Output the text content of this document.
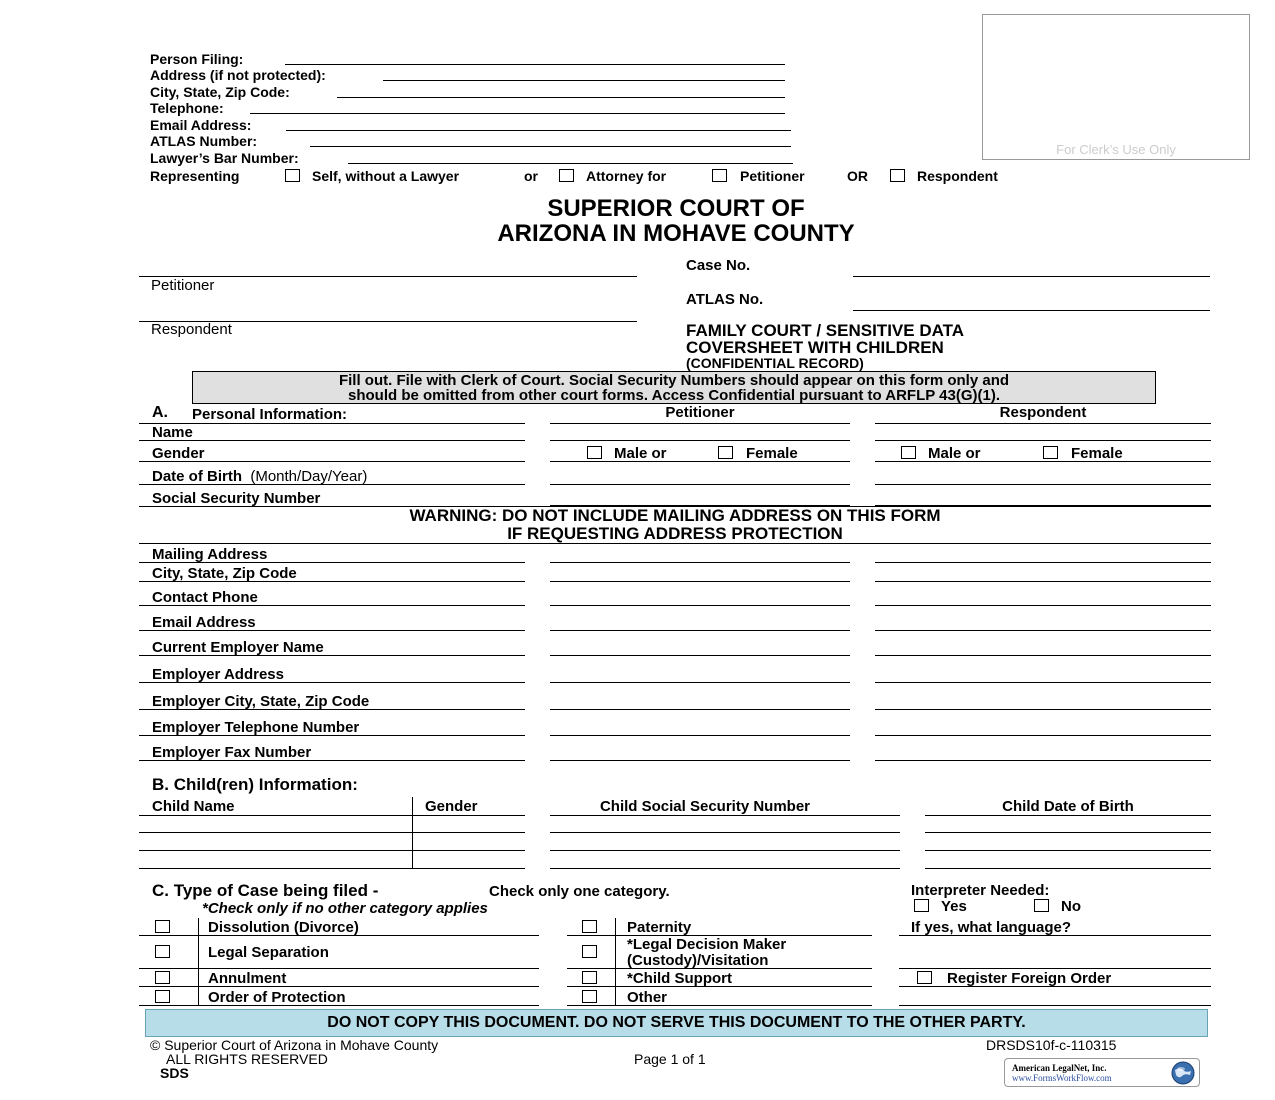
Person Filing:
Address (if not protected):
City, State, Zip Code:
Telephone:
Email Address:
ATLAS Number:
Lawyer’s Bar Number:
Representing	Self, without a Lawyer	or	Attorney for	Petitioner	OR	Respondent
For Clerk’s Use Only
SUPERIOR COURT OF
ARIZONA IN MOHAVE COUNTY
Petitioner
Respondent
Case No.
ATLAS No.
FAMILY COURT / SENSITIVE DATA
COVERSHEET WITH CHILDREN
(CONFIDENTIAL RECORD)
Fill out. File with Clerk of Court. Social Security Numbers should appear on this form only and
should be omitted from other court forms. Access Confidential pursuant to ARFLP 43(G)(1).
A. Personal Information:	Petitioner	Respondent
Name
Gender	Male or	Female	Male or	Female
Date of Birth (Month/Day/Year)
Social Security Number
WARNING: DO NOT INCLUDE MAILING ADDRESS ON THIS FORM
IF REQUESTING ADDRESS PROTECTION
Mailing Address
City, State, Zip Code
Contact Phone
Email Address
Current Employer Name
Employer Address
Employer City, State, Zip Code
Employer Telephone Number
Employer Fax Number
B. Child(ren) Information:
Child Name	Gender	Child Social Security Number	Child Date of Birth
C. Type of Case being filed -	Check only one category.
*Check only if no other category applies
Dissolution (Divorce)
Legal Separation
Annulment
Order of Protection
Paternity
*Legal Decision Maker
(Custody)/Visitation
*Child Support
Other
Interpreter Needed:
Yes	No
If yes, what language?
Register Foreign Order
DO NOT COPY THIS DOCUMENT. DO NOT SERVE THIS DOCUMENT TO THE OTHER PARTY.
© Superior Court of Arizona in Mohave County
ALL RIGHTS RESERVED
SDS
Page 1 of 1
DRSDS10f-c-110315
American LegalNet, Inc.
www.FormsWorkFlow.com
